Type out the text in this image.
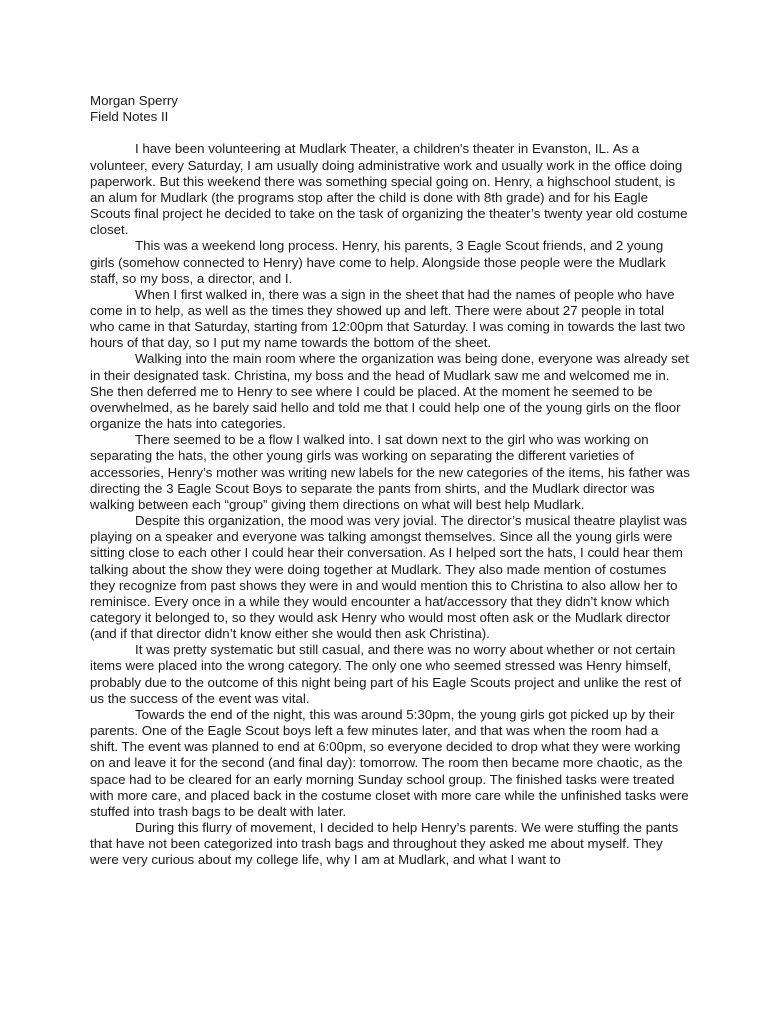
Morgan Sperry

Field Notes II

I have been volunteering at Mudlark Theater, a children's theater in Evanston, IL. As a volunteer, every Saturday, I am usually doing administrative work and usually work in the office doing paperwork. But this weekend there was something special going on. Henry, a highschool student, is an alum for Mudlark (the programs stop after the child is done with 8th grade) and for his Eagle Scouts final project he decided to take on the task of organizing the theater’s twenty year old costume closet.

This was a weekend long process. Henry, his parents, 3 Eagle Scout friends, and 2 young girls (somehow connected to Henry) have come to help. Alongside those people were the Mudlark staff, so my boss, a director, and I.

When I first walked in, there was a sign in the sheet that had the names of people who have come in to help, as well as the times they showed up and left. There were about 27 people in total who came in that Saturday, starting from 12:00pm that Saturday. I was coming in towards the last two hours of that day, so I put my name towards the bottom of the sheet.

Walking into the main room where the organization was being done, everyone was already set in their designated task. Christina, my boss and the head of Mudlark saw me and welcomed me in. She then deferred me to Henry to see where I could be placed. At the moment he seemed to be overwhelmed, as he barely said hello and told me that I could help one of the young girls on the floor organize the hats into categories.

There seemed to be a flow I walked into. I sat down next to the girl who was working on separating the hats, the other young girls was working on separating the different varieties of accessories, Henry’s mother was writing new labels for the new categories of the items, his father was directing the 3 Eagle Scout Boys to separate the pants from shirts, and the Mudlark director was walking between each “group” giving them directions on what will best help Mudlark.

Despite this organization, the mood was very jovial. The director’s musical theatre playlist was playing on a speaker and everyone was talking amongst themselves. Since all the young girls were sitting close to each other I could hear their conversation. As I helped sort the hats, I could hear them talking about the show they were doing together at Mudlark. They also made mention of costumes they recognize from past shows they were in and would mention this to Christina to also allow her to reminisce. Every once in a while they would encounter a hat/accessory that they didn’t know which category it belonged to, so they would ask Henry who would most often ask or the Mudlark director (and if that director didn’t know either she would then ask Christina).

It was pretty systematic but still casual, and there was no worry about whether or not certain items were placed into the wrong category. The only one who seemed stressed was Henry himself, probably due to the outcome of this night being part of his Eagle Scouts project and unlike the rest of us the success of the event was vital.

Towards the end of the night, this was around 5:30pm, the young girls got picked up by their parents. One of the Eagle Scout boys left a few minutes later, and that was when the room had a shift. The event was planned to end at 6:00pm, so everyone decided to drop what they were working on and leave it for the second (and final day): tomorrow. The room then became more chaotic, as the space had to be cleared for an early morning Sunday school group. The finished tasks were treated with more care, and placed back in the costume closet with more care while the unfinished tasks were stuffed into trash bags to be dealt with later.

During this flurry of movement, I decided to help Henry’s parents. We were stuffing the pants that have not been categorized into trash bags and throughout they asked me about myself. They were very curious about my college life, why I am at Mudlark, and what I want to
